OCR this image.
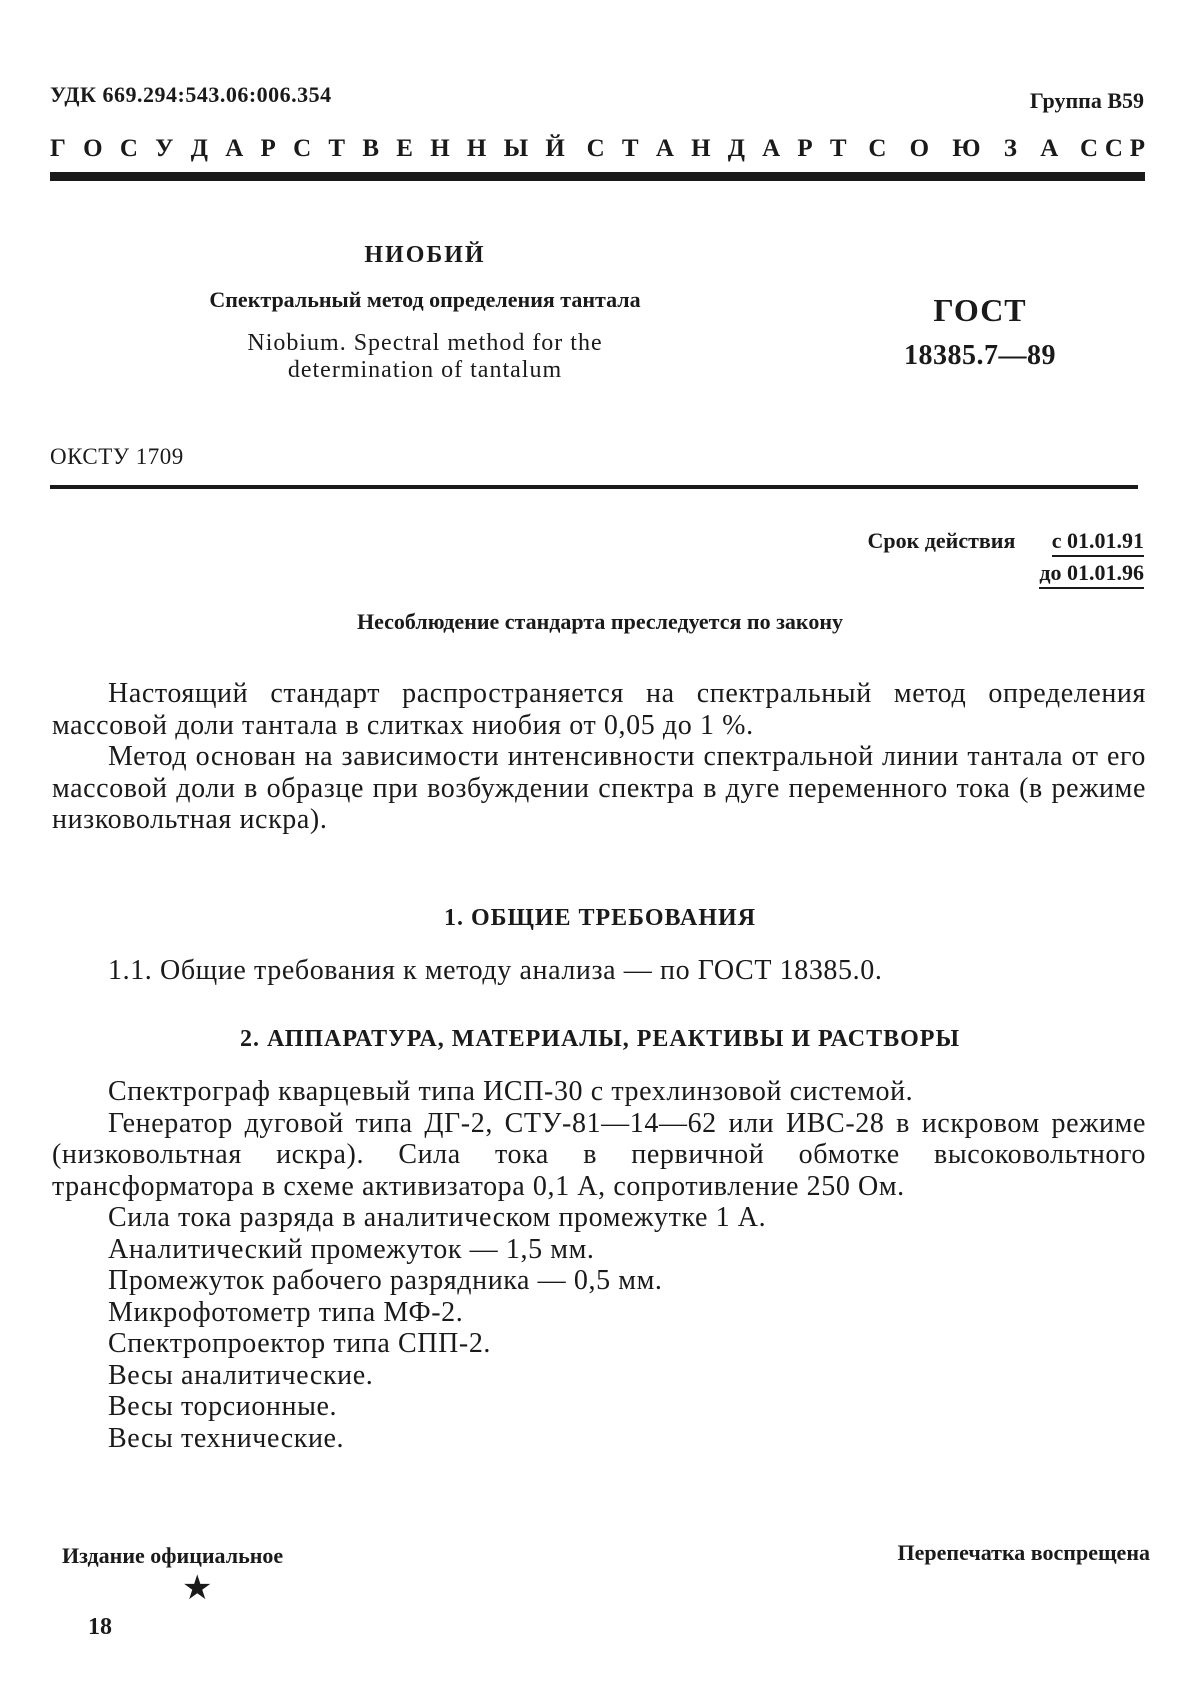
УДК 669.294:543.06:006.354	Группа В59
Г О С У Д А Р С Т В Е Н Н Ы Й С Т А Н Д А Р Т С О Ю З А С С Р
НИОБИЙ
Спектральный метод определения тантала
Niobium. Spectral method for the
determination of tantalum
ГОСТ
18385.7—89
ОКСТУ 1709
Срок действия с 01.01.91
до 01.01.96
Несоблюдение стандарта преследуется по закону

Настоящий стандарт распространяется на спектральный метод определения массовой доли тантала в слитках ниобия от 0,05 до 1 %.

Метод основан на зависимости интенсивности спектральной линии тантала от его массовой доли в образце при возбуждении спектра в дуге переменного тока (в режиме низковольтная искра).

1. ОБЩИЕ ТРЕБОВАНИЯ

1.1. Общие требования к методу анализа — по ГОСТ 18385.0.

2. АППАРАТУРА, МАТЕРИАЛЫ, РЕАКТИВЫ И РАСТВОРЫ

Спектрограф кварцевый типа ИСП-30 с трехлинзовой системой.

Генератор дуговой типа ДГ-2, СТУ-81—14—62 или ИВС-28 в искровом режиме (низковольтная искра). Сила тока в первичной обмотке высоковольтного трансформатора в схеме активизатора 0,1 А, сопротивление 250 Ом.

Сила тока разряда в аналитическом промежутке 1 А.

Аналитический промежуток — 1,5 мм.

Промежуток рабочего разрядника — 0,5 мм.

Микрофотометр типа МФ-2.

Спектропроектор типа СПП-2.

Весы аналитические.

Весы торсионные.

Весы технические.

Издание официальное	Перепечатка воспрещена
★
18
